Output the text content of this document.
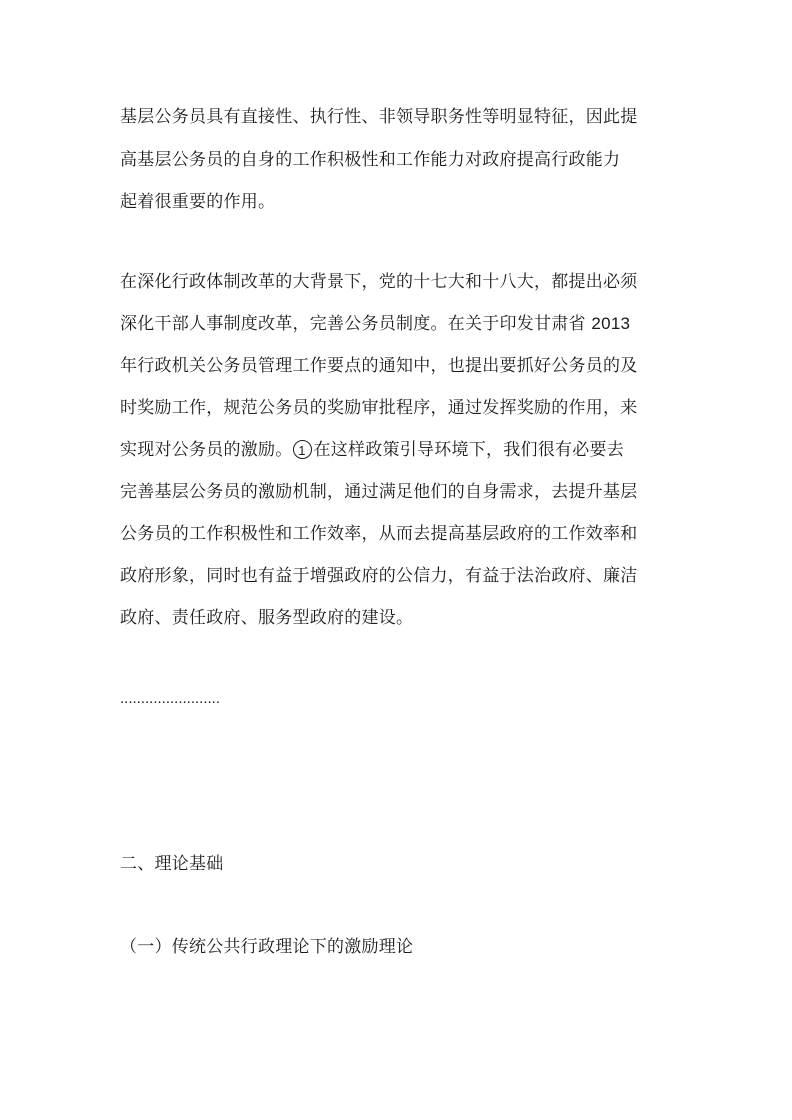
基层公务员具有直接性、执行性、非领导职务性等明显特征，因此提
高基层公务员的自身的工作积极性和工作能力对政府提高行政能力
起着很重要的作用。
在深化行政体制改革的大背景下，党的十七大和十八大，都提出必须
深化干部人事制度改革，完善公务员制度。在关于印发甘肃省 2013
年行政机关公务员管理工作要点的通知中，也提出要抓好公务员的及
时奖励工作，规范公务员的奖励审批程序，通过发挥奖励的作用，来
实现对公务员的激励。 1 在这样政策引导环境下，我们很有必要去
完善基层公务员的激励机制，通过满足他们的自身需求，去提升基层
公务员的工作积极性和工作效率，从而去提高基层政府的工作效率和
政府形象，同时也有益于增强政府的公信力，有益于法治政府、廉洁
政府、责任政府、服务型政府的建设。
........................
二、理论基础
（一）传统公共行政理论下的激励理论
